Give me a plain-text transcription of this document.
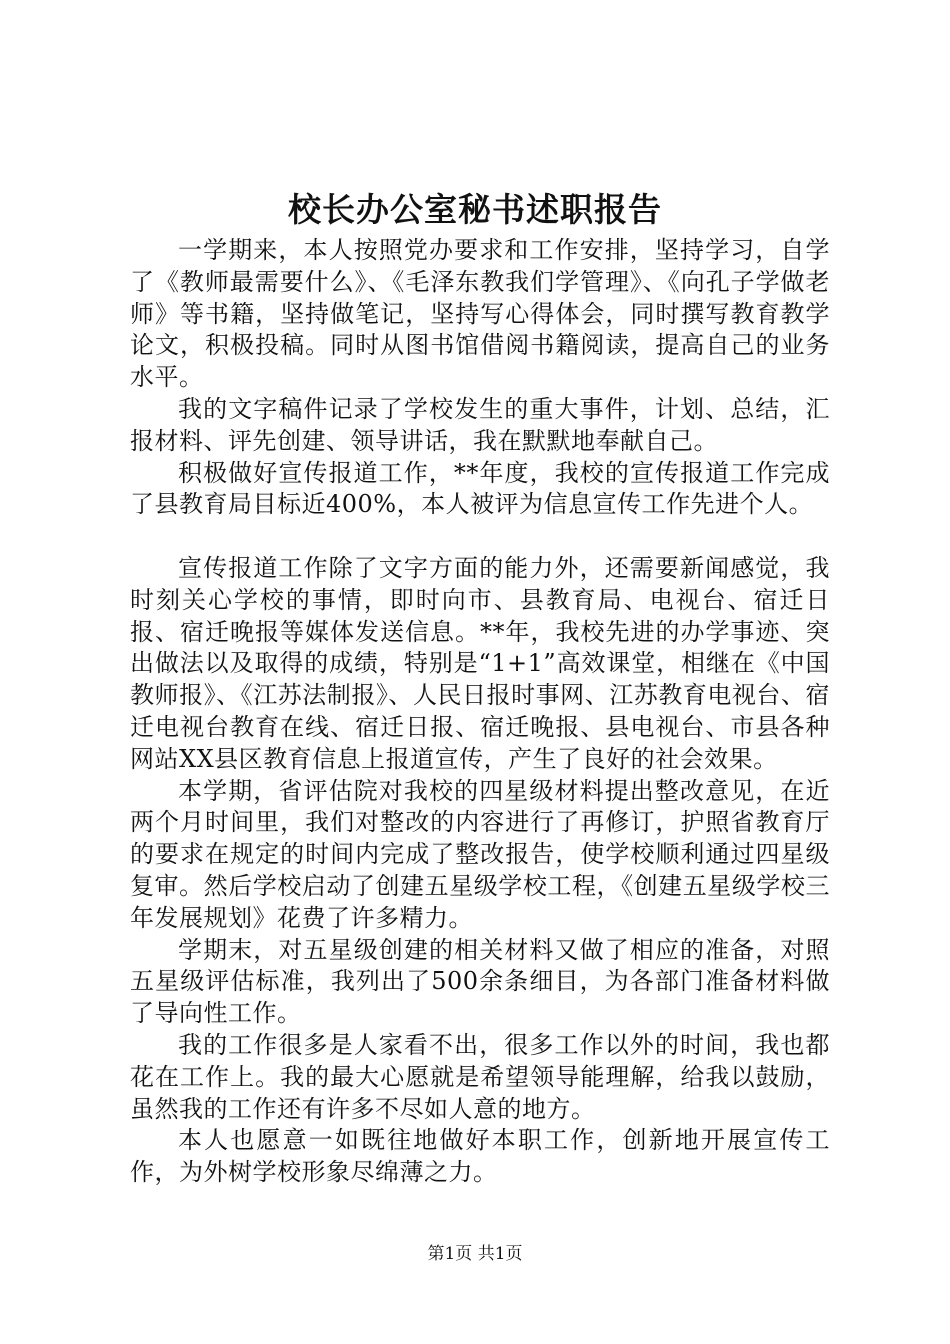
校长办公室秘书述职报告

一学期来，本人按照党办要求和工作安排，坚持学习，自学了《教师最需要什么》、《毛泽东教我们学管理》、《向孔子学做老师》等书籍，坚持做笔记，坚持写心得体会，同时撰写教育教学论文，积极投稿。同时从图书馆借阅书籍阅读，提高自己的业务水平。

我的文字稿件记录了学校发生的重大事件，计划、总结，汇报材料、评先创建、领导讲话，我在默默地奉献自己。

积极做好宣传报道工作，**年度，我校的宣传报道工作完成了县教育局目标近400%，本人被评为信息宣传工作先进个人。

宣传报道工作除了文字方面的能力外，还需要新闻感觉，我时刻关心学校的事情，即时向市、县教育局、电视台、宿迁日报、宿迁晚报等媒体发送信息。**年，我校先进的办学事迹、突出做法以及取得的成绩，特别是“1+1”高效课堂，相继在《中国教师报》、《江苏法制报》、人民日报时事网、江苏教育电视台、宿迁电视台教育在线、宿迁日报、宿迁晚报、县电视台、市县各种网站XX县区教育信息上报道宣传，产生了良好的社会效果。

本学期，省评估院对我校的四星级材料提出整改意见，在近两个月时间里，我们对整改的内容进行了再修订，护照省教育厅的要求在规定的时间内完成了整改报告，使学校顺利通过四星级复审。然后学校启动了创建五星级学校工程，《创建五星级学校三年发展规划》花费了许多精力。

学期末，对五星级创建的相关材料又做了相应的准备，对照五星级评估标准，我列出了500余条细目，为各部门准备材料做了导向性工作。

我的工作很多是人家看不出，很多工作以外的时间，我也都花在工作上。我的最大心愿就是希望领导能理解，给我以鼓励，虽然我的工作还有许多不尽如人意的地方。

本人也愿意一如既往地做好本职工作，创新地开展宣传工作，为外树学校形象尽绵薄之力。

第1页 共1页
